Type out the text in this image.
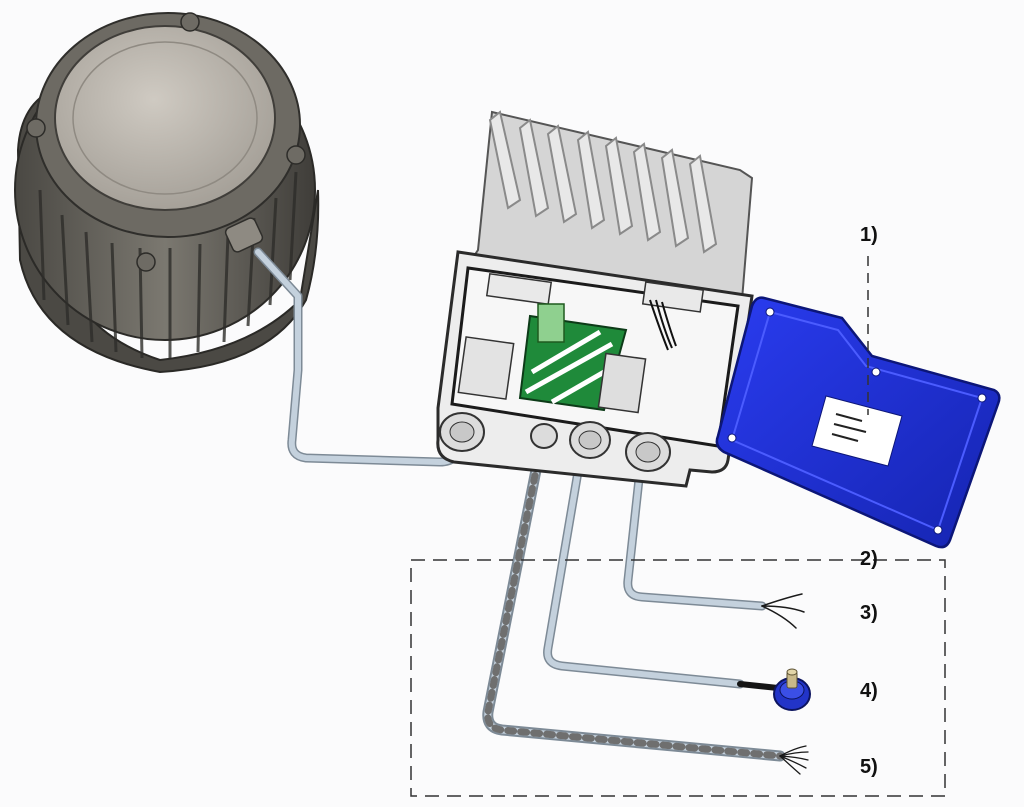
1)
2)
3)
4)
5)
